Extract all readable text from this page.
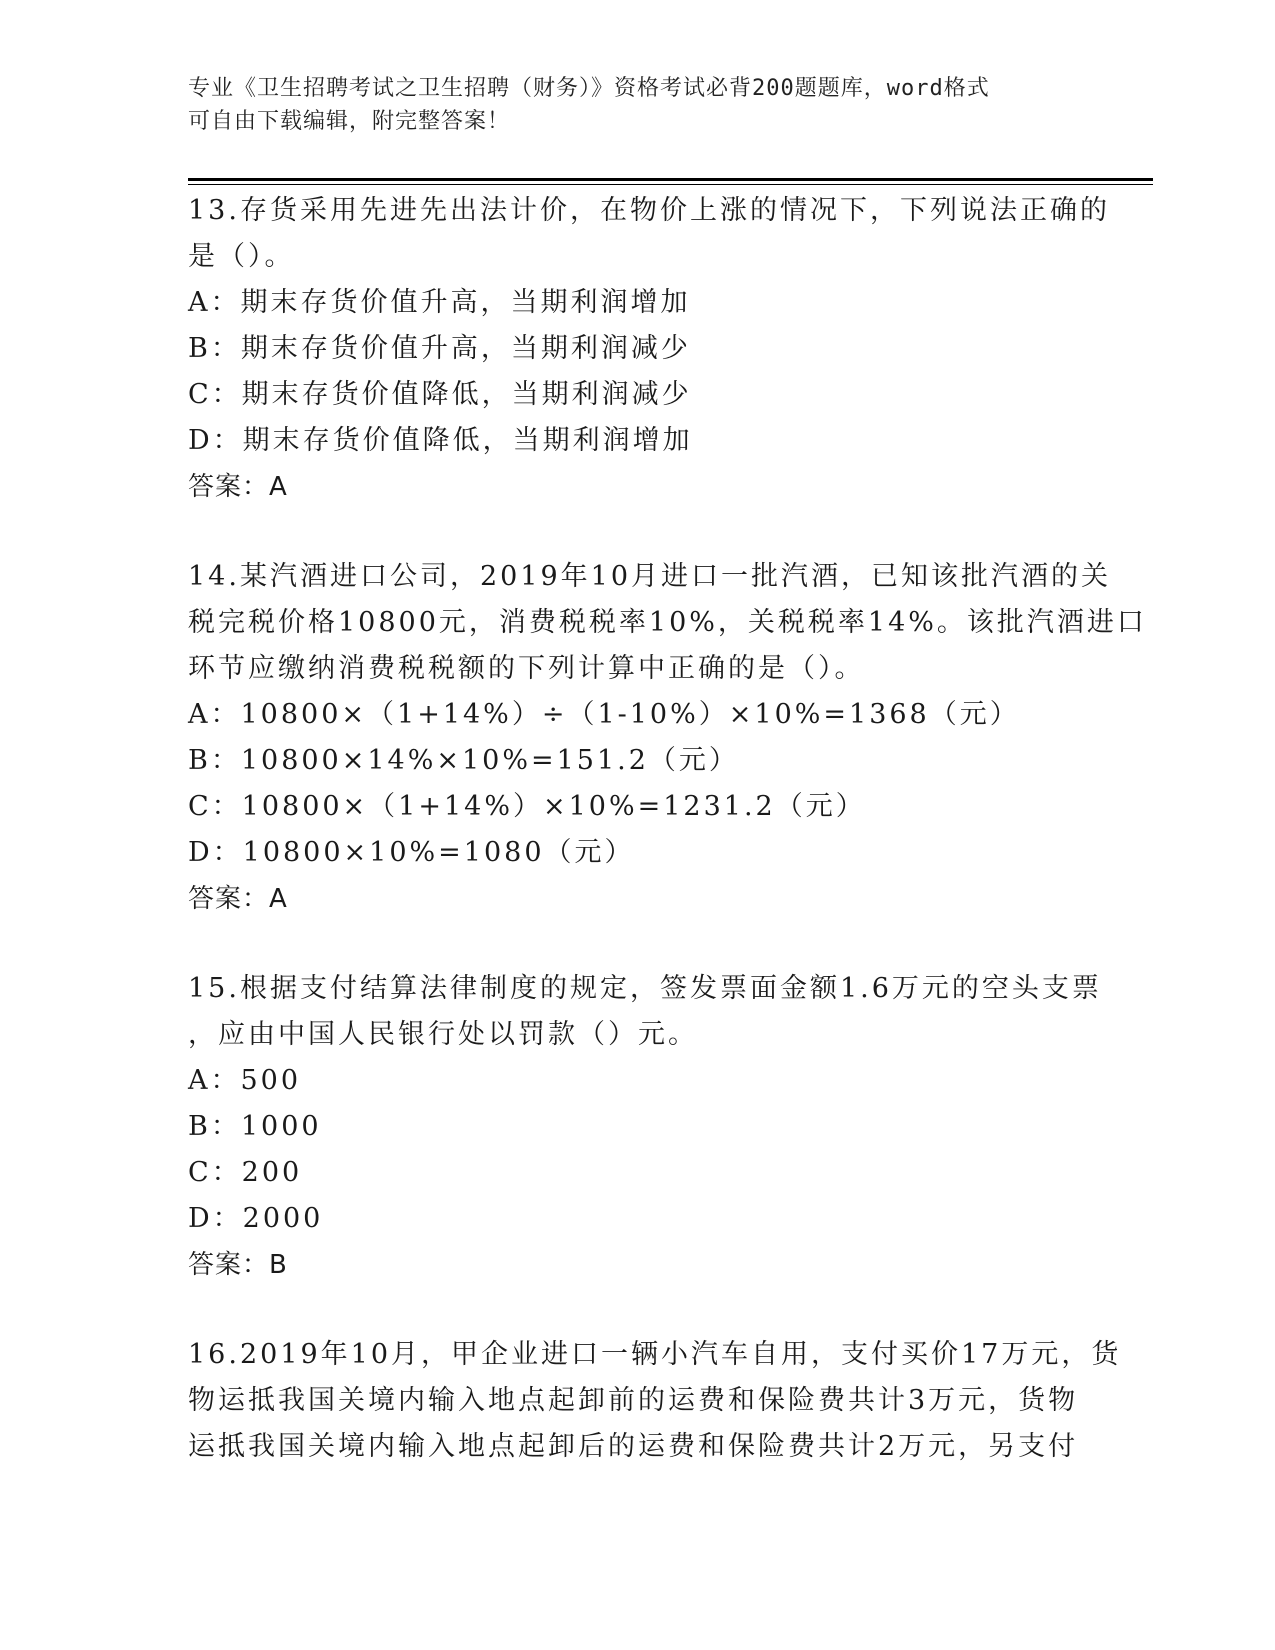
专业《卫生招聘考试之卫生招聘（财务）》资格考试必背200题题库，word格式
可自由下载编辑，附完整答案！
13.存货采用先进先出法计价，在物价上涨的情况下，下列说法正确的
是（）。
A：期末存货价值升高，当期利润增加
B：期末存货价值升高，当期利润减少
C：期末存货价值降低，当期利润减少
D：期末存货价值降低，当期利润增加
答案：A
14.某汽酒进口公司，2019年10月进口一批汽酒，已知该批汽酒的关
税完税价格10800元，消费税税率10%，关税税率14%。该批汽酒进口
环节应缴纳消费税税额的下列计算中正确的是（）。
A：10800×（1+14%）÷（1-10%）×10%=1368（元）
B：10800×14%×10%=151.2（元）
C：10800×（1+14%）×10%=1231.2（元）
D：10800×10%=1080（元）
答案：A
15.根据支付结算法律制度的规定，签发票面金额1.6万元的空头支票
，应由中国人民银行处以罚款（）元。
A：500
B：1000
C：200
D：2000
答案：B
16.2019年10月，甲企业进口一辆小汽车自用，支付买价17万元，货
物运抵我国关境内输入地点起卸前的运费和保险费共计3万元，货物
运抵我国关境内输入地点起卸后的运费和保险费共计2万元，另支付
